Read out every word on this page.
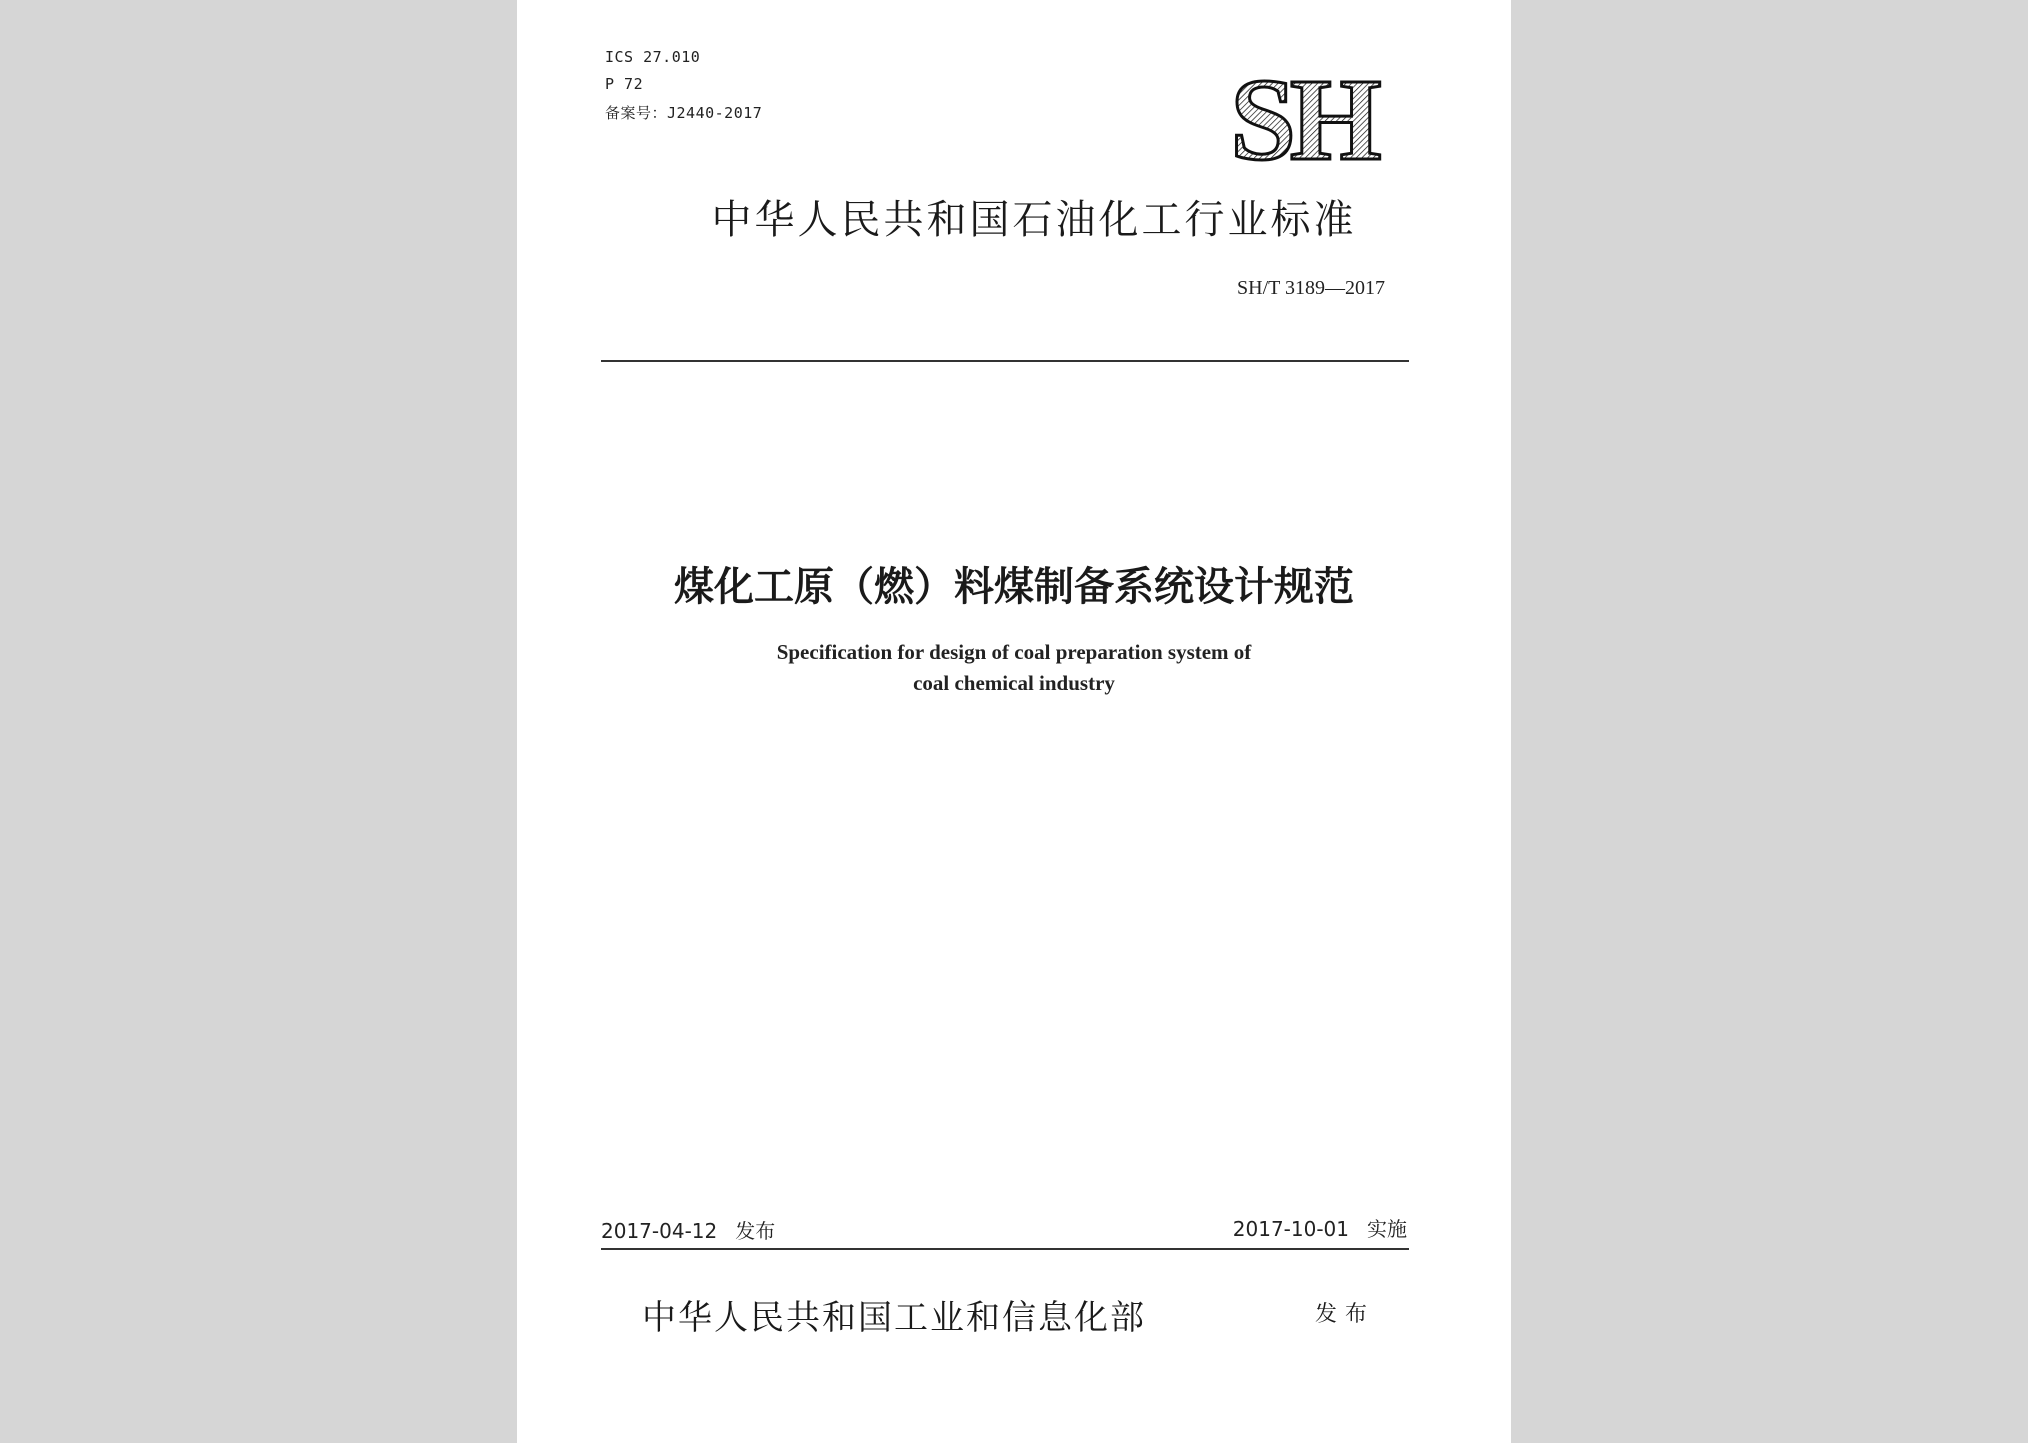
ICS 27.010
P 72
备案号：J2440-2017	SH
中华人民共和国石油化工行业标准
SH/T 3189—2017
煤化工原（燃）料煤制备系统设计规范
Specification for design of coal preparation system of
coal chemical industry
2017-04-12 发布	2017-10-01 实施
中华人民共和国工业和信息化部	发布
